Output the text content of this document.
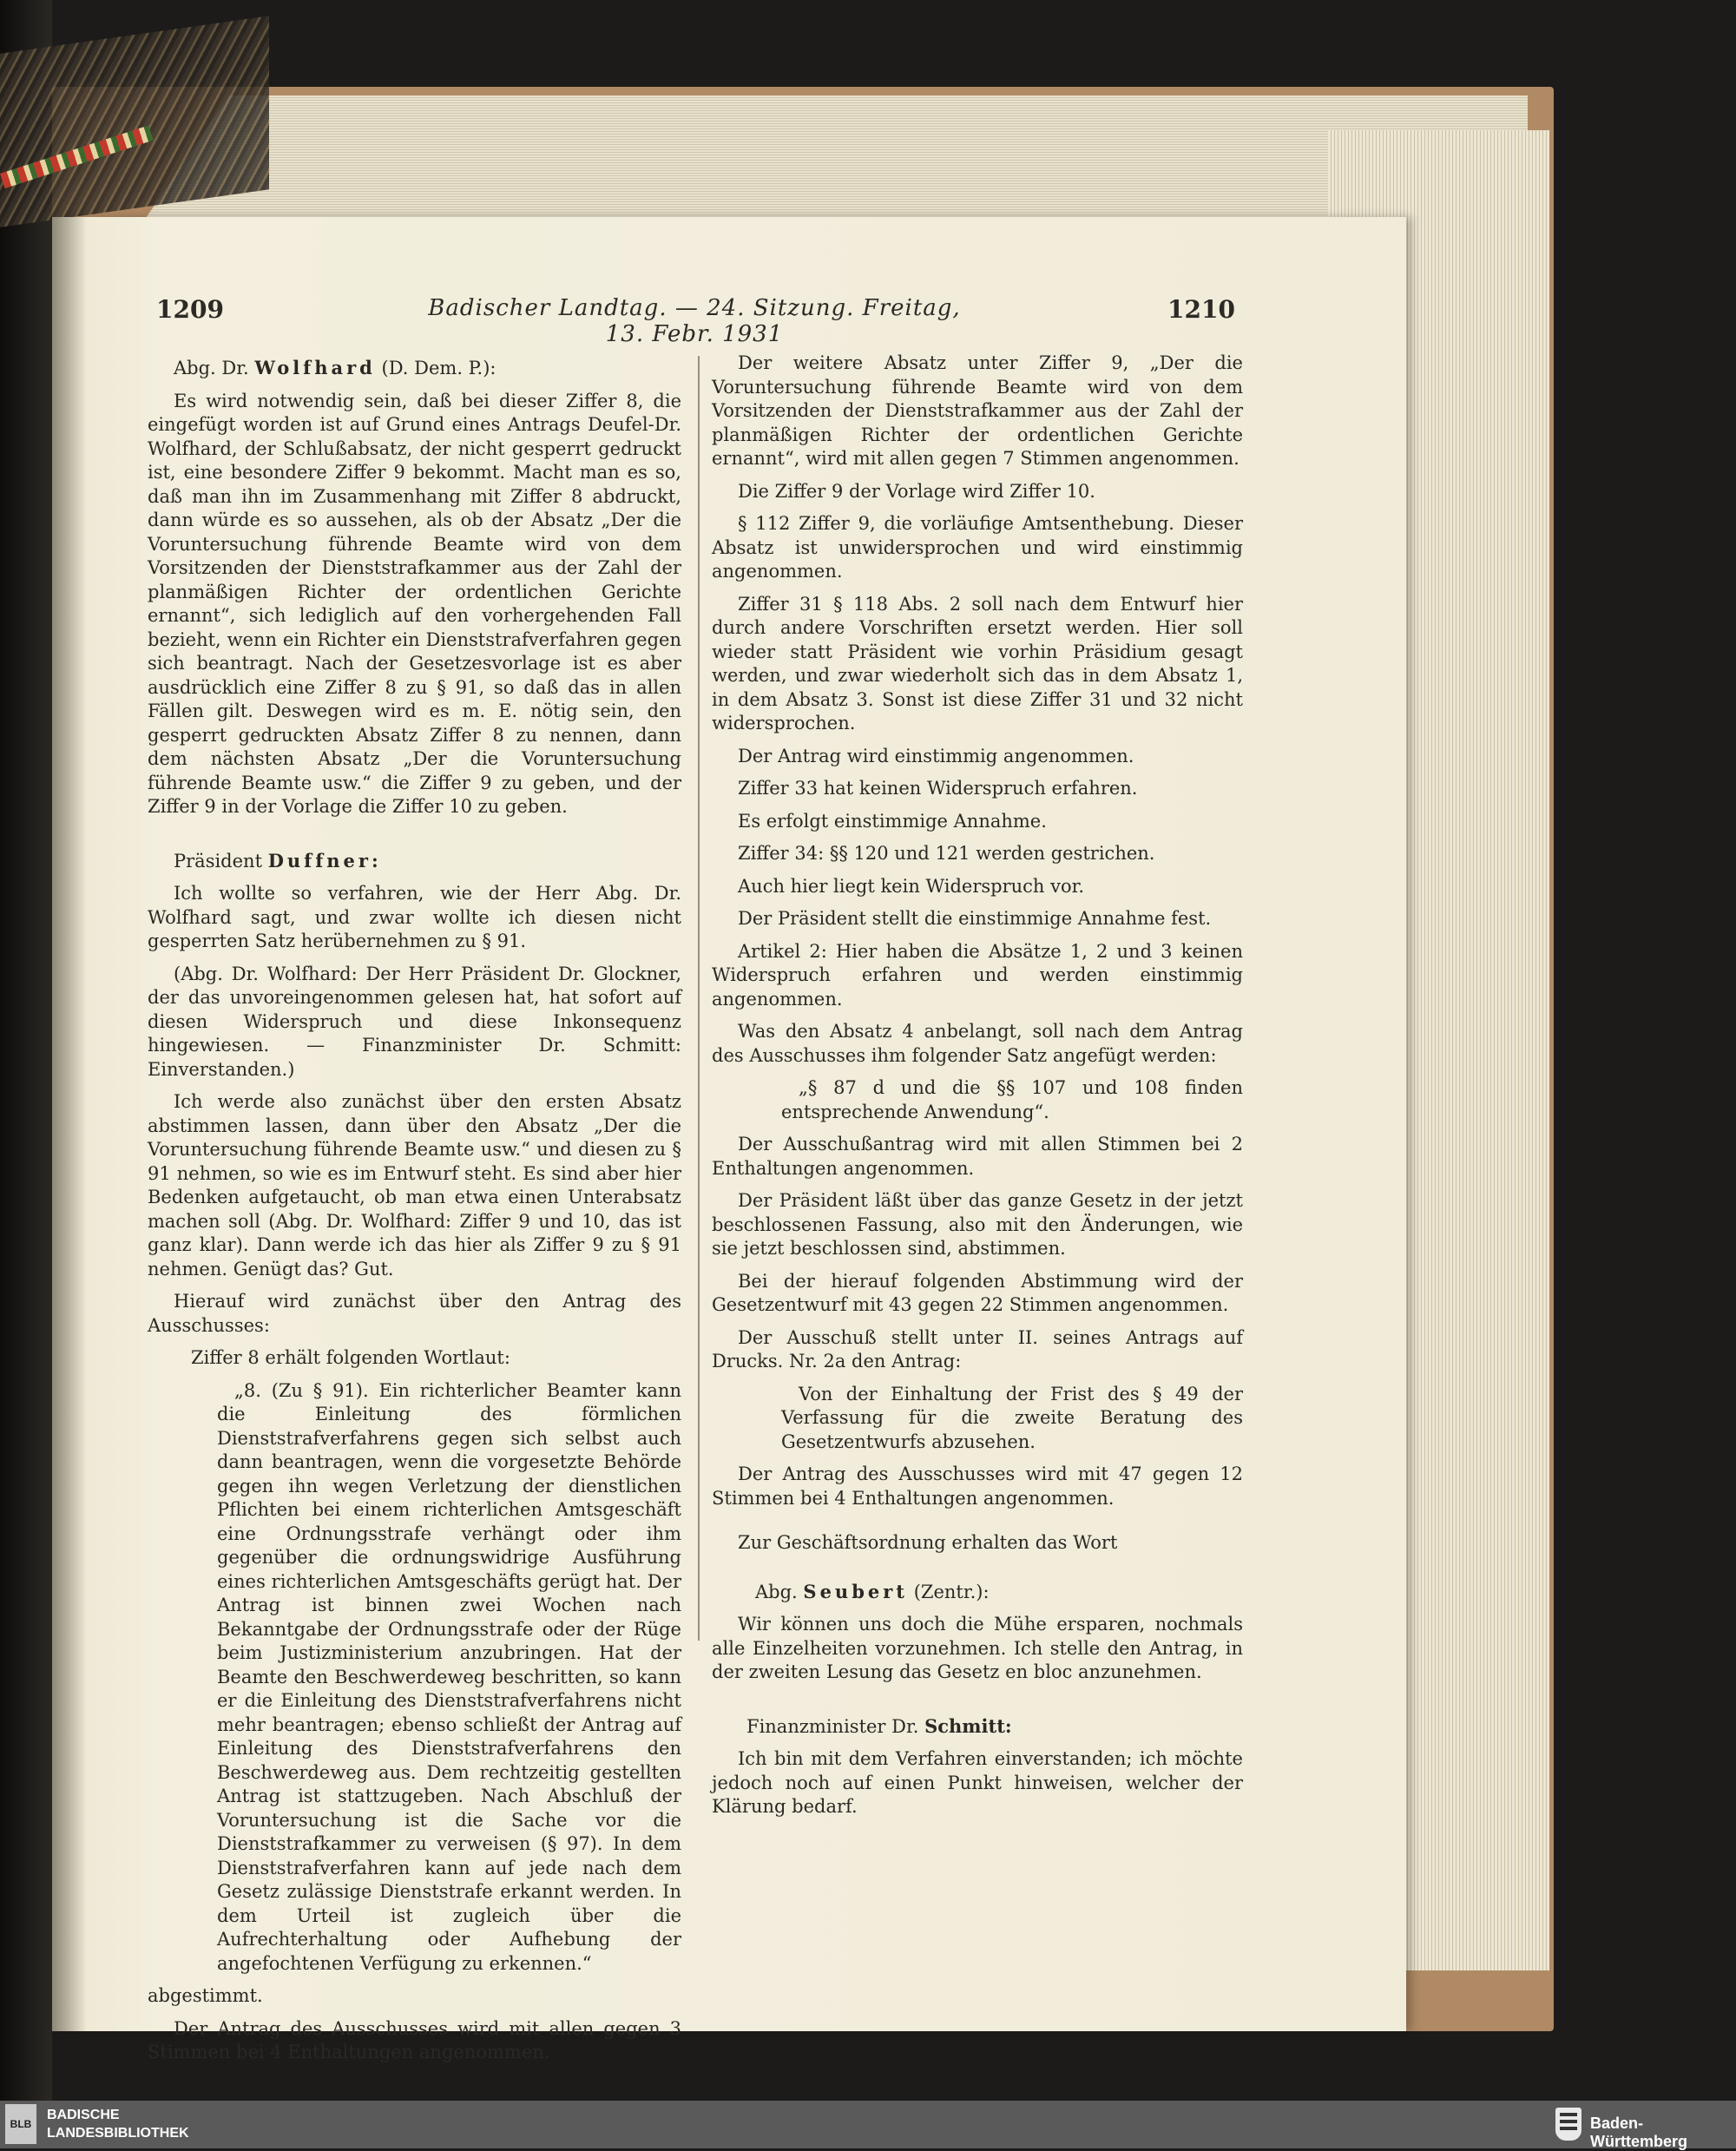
1209	Badischer Landtag. — 24. Sitzung. Freitag, 13. Febr. 1931
1210

Abg. Dr. Wolfhard (D. Dem. P.):

Es wird notwendig sein, daß bei dieser Ziffer 8, die eingefügt worden ist auf Grund eines Antrags Deufel-Dr. Wolfhard, der Schlußabsatz, der nicht gesperrt gedruckt ist, eine besondere Ziffer 9 bekommt. Macht man es so, daß man ihn im Zusammenhang mit Ziffer 8 abdruckt, dann würde es so aussehen, als ob der Absatz „Der die Voruntersuchung führende Beamte wird von dem Vorsitzenden der Dienststrafkammer aus der Zahl der planmäßigen Richter der ordentlichen Gerichte ernannt“, sich lediglich auf den vorhergehenden Fall bezieht, wenn ein Richter ein Dienststrafverfahren gegen sich beantragt. Nach der Gesetzesvorlage ist es aber ausdrücklich eine Ziffer 8 zu § 91, so daß das in allen Fällen gilt. Deswegen wird es m. E. nötig sein, den gesperrt gedruckten Absatz Ziffer 8 zu nennen, dann dem nächsten Absatz „Der die Voruntersuchung führende Beamte usw.“ die Ziffer 9 zu geben, und der Ziffer 9 in der Vorlage die Ziffer 10 zu geben.

Präsident Duffner:

Ich wollte so verfahren, wie der Herr Abg. Dr. Wolfhard sagt, und zwar wollte ich diesen nicht gesperrten Satz herübernehmen zu § 91.

(Abg. Dr. Wolfhard: Der Herr Präsident Dr. Glockner, der das unvoreingenommen gelesen hat, hat sofort auf diesen Widerspruch und diese Inkonsequenz hingewiesen. — Finanzminister Dr. Schmitt: Einverstanden.)

Ich werde also zunächst über den ersten Absatz abstimmen lassen, dann über den Absatz „Der die Voruntersuchung führende Beamte usw.“ und diesen zu § 91 nehmen, so wie es im Entwurf steht. Es sind aber hier Bedenken aufgetaucht, ob man etwa einen Unterabsatz machen soll (Abg. Dr. Wolfhard: Ziffer 9 und 10, das ist ganz klar). Dann werde ich das hier als Ziffer 9 zu § 91 nehmen. Genügt das? Gut.

Hierauf wird zunächst über den Antrag des Ausschusses:

Ziffer 8 erhält folgenden Wortlaut:

„8. (Zu § 91). Ein richterlicher Beamter kann die Einleitung des förmlichen Dienststrafverfahrens gegen sich selbst auch dann beantragen, wenn die vorgesetzte Behörde gegen ihn wegen Verletzung der dienstlichen Pflichten bei einem richterlichen Amtsgeschäft eine Ordnungsstrafe verhängt oder ihm gegenüber die ordnungswidrige Ausführung eines richterlichen Amtsgeschäfts gerügt hat. Der Antrag ist binnen zwei Wochen nach Bekanntgabe der Ordnungsstrafe oder der Rüge beim Justizministerium anzubringen. Hat der Beamte den Beschwerdeweg beschritten, so kann er die Einleitung des Dienststrafverfahrens nicht mehr beantragen; ebenso schließt der Antrag auf Einleitung des Dienststrafverfahrens den Beschwerdeweg aus. Dem rechtzeitig gestellten Antrag ist stattzugeben. Nach Abschluß der Voruntersuchung ist die Sache vor die Dienststrafkammer zu verweisen (§ 97). In dem Dienststrafverfahren kann auf jede nach dem Gesetz zulässige Dienststrafe erkannt werden. In dem Urteil ist zugleich über die Aufrechterhaltung oder Aufhebung der angefochtenen Verfügung zu erkennen.“

abgestimmt.

Der Antrag des Ausschusses wird mit allen gegen 3 Stimmen bei 4 Enthaltungen angenommen.

Der weitere Absatz unter Ziffer 9, „Der die Voruntersuchung führende Beamte wird von dem Vorsitzenden der Dienststrafkammer aus der Zahl der planmäßigen Richter der ordentlichen Gerichte ernannt“, wird mit allen gegen 7 Stimmen angenommen.

Die Ziffer 9 der Vorlage wird Ziffer 10.

§ 112 Ziffer 9, die vorläufige Amtsenthebung. Dieser Absatz ist unwidersprochen und wird einstimmig angenommen.

Ziffer 31 § 118 Abs. 2 soll nach dem Entwurf hier durch andere Vorschriften ersetzt werden. Hier soll wieder statt Präsident wie vorhin Präsidium gesagt werden, und zwar wiederholt sich das in dem Absatz 1, in dem Absatz 3. Sonst ist diese Ziffer 31 und 32 nicht widersprochen.

Der Antrag wird einstimmig angenommen.

Ziffer 33 hat keinen Widerspruch erfahren.

Es erfolgt einstimmige Annahme.

Ziffer 34: §§ 120 und 121 werden gestrichen.

Auch hier liegt kein Widerspruch vor.

Der Präsident stellt die einstimmige Annahme fest.

Artikel 2: Hier haben die Absätze 1, 2 und 3 keinen Widerspruch erfahren und werden einstimmig angenommen.

Was den Absatz 4 anbelangt, soll nach dem Antrag des Ausschusses ihm folgender Satz angefügt werden:

„§ 87 d und die §§ 107 und 108 finden entsprechende Anwendung“.

Der Ausschußantrag wird mit allen Stimmen bei 2 Enthaltungen angenommen.

Der Präsident läßt über das ganze Gesetz in der jetzt beschlossenen Fassung, also mit den Änderungen, wie sie jetzt beschlossen sind, abstimmen.

Bei der hierauf folgenden Abstimmung wird der Gesetzentwurf mit 43 gegen 22 Stimmen angenommen.

Der Ausschuß stellt unter II. seines Antrags auf Drucks. Nr. 2a den Antrag:

Von der Einhaltung der Frist des § 49 der Verfassung für die zweite Beratung des Gesetzentwurfs abzusehen.

Der Antrag des Ausschusses wird mit 47 gegen 12 Stimmen bei 4 Enthaltungen angenommen.

Zur Geschäftsordnung erhalten das Wort

Abg. Seubert (Zentr.):

Wir können uns doch die Mühe ersparen, nochmals alle Einzelheiten vorzunehmen. Ich stelle den Antrag, in der zweiten Lesung das Gesetz en bloc anzunehmen.

Finanzminister Dr. Schmitt:

Ich bin mit dem Verfahren einverstanden; ich möchte jedoch noch auf einen Punkt hinweisen, welcher der Klärung bedarf.

BLB
BADISCHE
LANDESBIBLIOTHEK
Baden-Württemberg
